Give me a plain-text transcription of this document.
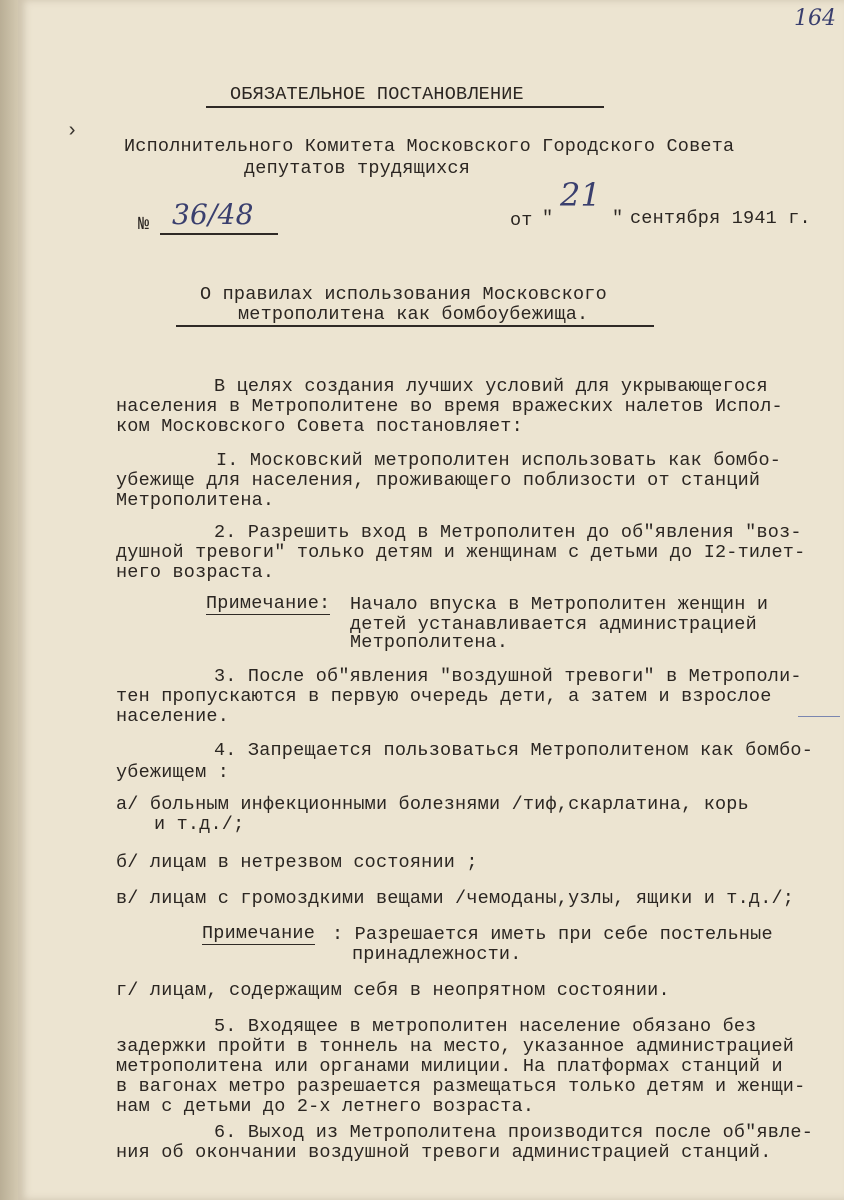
164
ОБЯЗАТЕЛЬНОЕ ПОСТАНОВЛЕНИЕ
›
Исполнительного Комитета Московского Городского Совета
депутатов трудящихся
№ 36/48	от "
21
" сентября 1941 г.
О правилах использования Московского
метрополитена как бомбоубежища.
В целях создания лучших условий для укрывающегося
населения в Метрополитене во время вражеских налетов Испол-
ком Московского Совета постановляет:
I. Московский метрополитен использовать как бомбо-
убежище для населения, проживающего поблизости от станций
Метрополитена.
2. Разрешить вход в Метрополитен до об"явления "воз-
душной тревоги" только детям и женщинам с детьми до I2-тилет-
него возраста.
Примечание: Начало впуска в Метрополитен женщин и
детей устанавливается администрацией
Метрополитена.
3. После об"явления "воздушной тревоги" в Метрополи-
тен пропускаются в первую очередь дети, а затем и взрослое
население.
4. Запрещается пользоваться Метрополитеном как бомбо-
убежищем :
а/ больным инфекционными болезнями /тиф,скарлатина, корь
и т.д./;
б/ лицам в нетрезвом состоянии ;
в/ лицам с громоздкими вещами /чемоданы,узлы, ящики и т.д./;
Примечание : Разрешается иметь при себе постельные
принадлежности.
г/ лицам, содержащим себя в неопрятном состоянии.
5. Входящее в метрополитен население обязано без
задержки пройти в тоннель на место, указанное администрацией
метрополитена или органами милиции. На платформах станций и
в вагонах метро разрешается размещаться только детям и женщи-
нам с детьми до 2-х летнего возраста.
6. Выход из Метрополитена производится после об"явле-
ния об окончании воздушной тревоги администрацией станций.
